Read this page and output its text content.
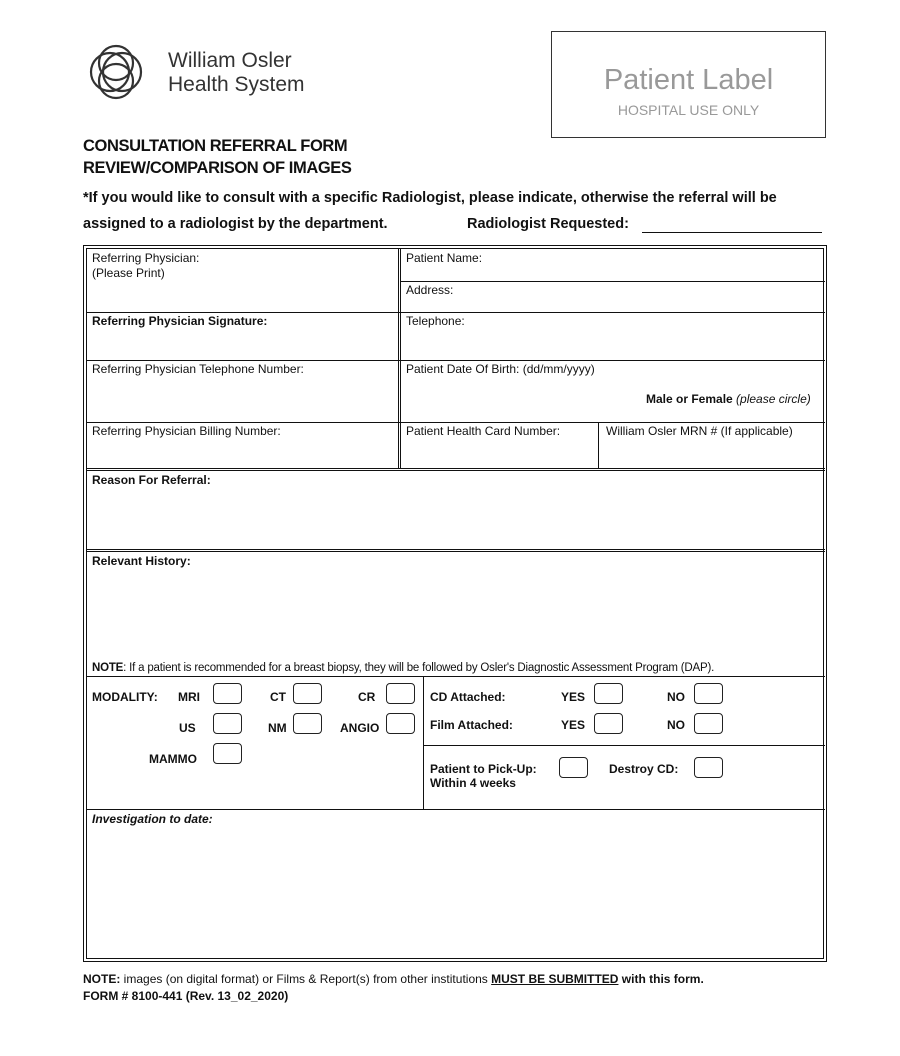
William Osler
Health System	Patient Label
HOSPITAL USE ONLY
CONSULTATION REFERRAL FORM
REVIEW/COMPARISON OF IMAGES
*If you would like to consult with a specific Radiologist, please indicate, otherwise the referral will be
assigned to a radiologist by the department.	Radiologist Requested:
Referring Physician:
(Please Print)
Patient Name:
Address:
Referring Physician Signature:	Telephone:
Referring Physician Telephone Number:	Patient Date Of Birth: (dd/mm/yyyy)
Male or Female (please circle)
Referring Physician Billing Number:	Patient Health Card Number:	William Osler MRN # (If applicable)
Reason For Referral:
Relevant History:
NOTE: If a patient is recommended for a breast biopsy, they will be followed by Osler's Diagnostic Assessment Program (DAP).
MODALITY: MRI	CT	CR
US	NM	ANGIO
MAMMO
CD Attached:	YES	NO
Film Attached:	YES	NO
Patient to Pick-Up:
Within 4 weeks
Destroy CD:
Investigation to date:
NOTE: images (on digital format) or Films & Report(s) from other institutions MUST BE SUBMITTED with this form.
FORM # 8100-441 (Rev. 13_02_2020)
